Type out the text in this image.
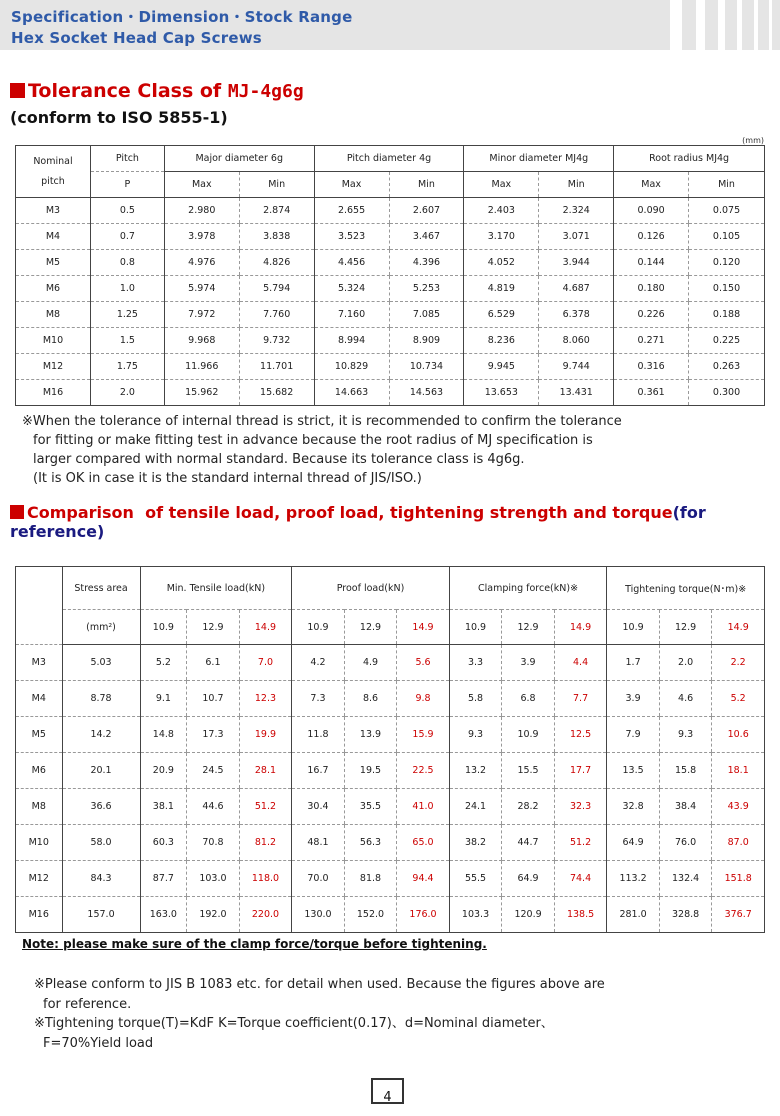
Specification・Dimension・Stock Range
Hex Socket Head Cap Screws
Tolerance Class of MJ-4g6g
(conform to ISO 5855-1)
(mm)
Nominal pitch	Pitch	Major diameter 6g		Pitch diameter 4g		Minor diameter MJ4g		Root radius MJ4g	
	P	Max	Min	Max	Min	Max	Min	Max	Min
M3	0.5	2.980	2.874	2.655	2.607	2.403	2.324	0.090	0.075
M4	0.7	3.978	3.838	3.523	3.467	3.170	3.071	0.126	0.105
M5	0.8	4.976	4.826	4.456	4.396	4.052	3.944	0.144	0.120
M6	1.0	5.974	5.794	5.324	5.253	4.819	4.687	0.180	0.150
M8	1.25	7.972	7.760	7.160	7.085	6.529	6.378	0.226	0.188
M10	1.5	9.968	9.732	8.994	8.909	8.236	8.060	0.271	0.225
M12	1.75	11.966	11.701	10.829	10.734	9.945	9.744	0.316	0.263
M16	2.0	15.962	15.682	14.663	14.563	13.653	13.431	0.361	0.300
※When the tolerance of internal thread is strict, it is recommended to confirm the tolerance
for fitting or make fitting test in advance because the root radius of MJ specification is
larger compared with normal standard. Because its tolerance class is 4g6g.
(It is OK in case it is the standard internal thread of JIS/ISO.)
Comparison  of tensile load, proof load, tightening strength and torque(for reference)
	Stress area	Min. Tensile load(kN)			Proof load(kN)			Clamping force(kN)※			Tightening torque(N･m)※		
	(mm²)	10.9	12.9	14.9	10.9	12.9	14.9	10.9	12.9	14.9	10.9	12.9	14.9
M3	5.03	5.2	6.1	7.0	4.2	4.9	5.6	3.3	3.9	4.4	1.7	2.0	2.2
M4	8.78	9.1	10.7	12.3	7.3	8.6	9.8	5.8	6.8	7.7	3.9	4.6	5.2
M5	14.2	14.8	17.3	19.9	11.8	13.9	15.9	9.3	10.9	12.5	7.9	9.3	10.6
M6	20.1	20.9	24.5	28.1	16.7	19.5	22.5	13.2	15.5	17.7	13.5	15.8	18.1
M8	36.6	38.1	44.6	51.2	30.4	35.5	41.0	24.1	28.2	32.3	32.8	38.4	43.9
M10	58.0	60.3	70.8	81.2	48.1	56.3	65.0	38.2	44.7	51.2	64.9	76.0	87.0
M12	84.3	87.7	103.0	118.0	70.0	81.8	94.4	55.5	64.9	74.4	113.2	132.4	151.8
M16	157.0	163.0	192.0	220.0	130.0	152.0	176.0	103.3	120.9	138.5	281.0	328.8	376.7
Note: please make sure of the clamp force/torque before tightening.
※Please conform to JIS B 1083 etc. for detail when used. Because the figures above are
for reference.
※Tightening torque(T)=KdF K=Torque coefficient(0.17)、d=Nominal diameter、
F=70%Yield load
4
